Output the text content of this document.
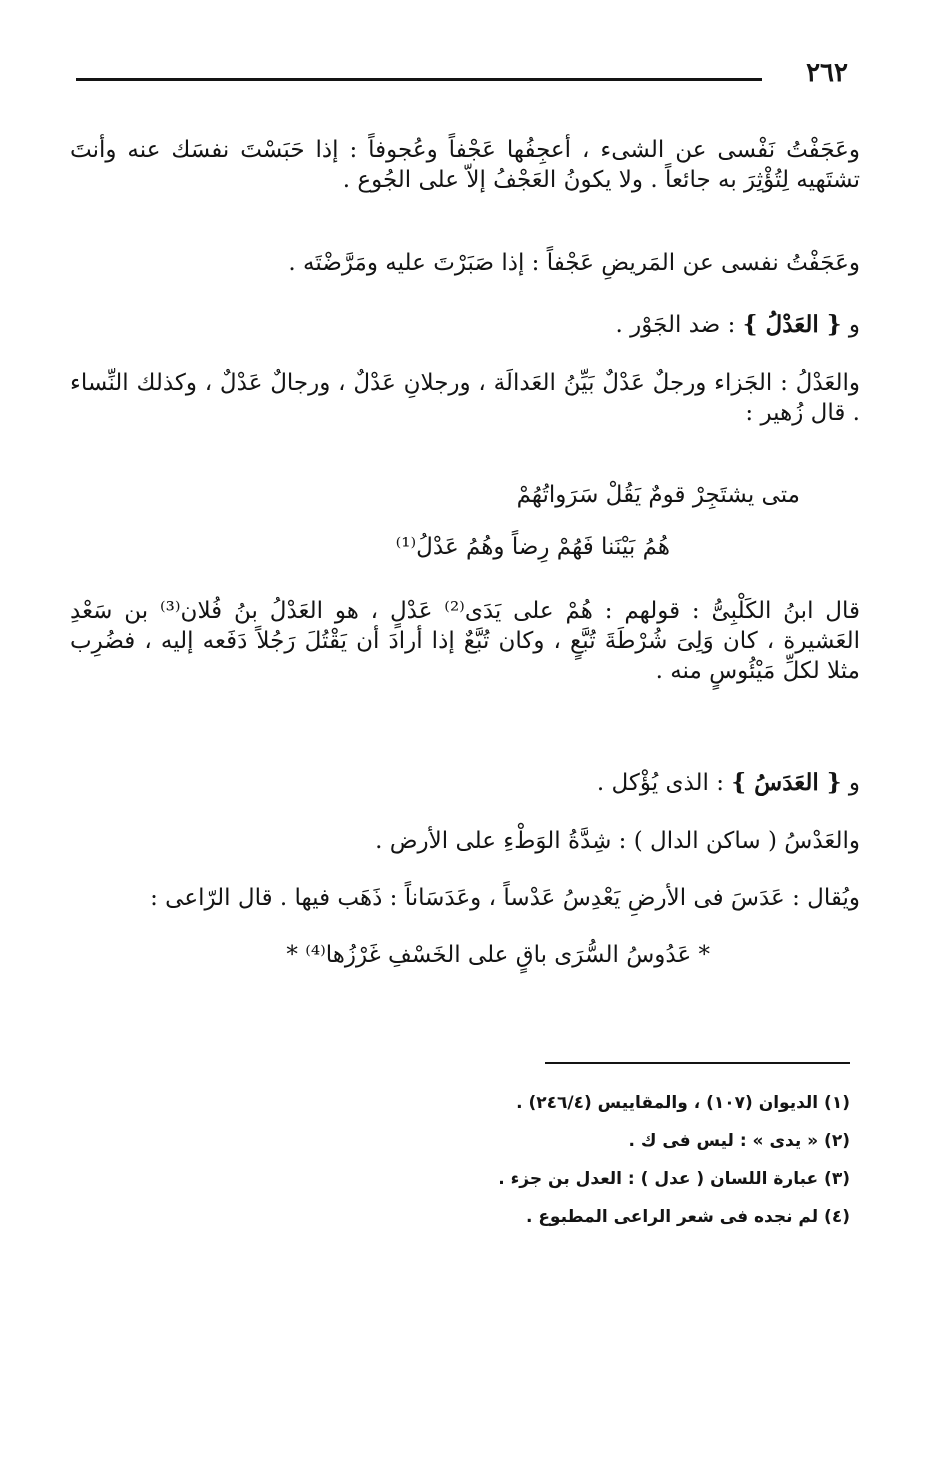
٢٦٢
وعَجَفْتُ نَفْسى عن الشىء ، أعجِفُها عَجْفاً وعُجوفاً : إذا حَبَسْتَ نفسَك عنه وأنتَ تشتَهيه لِتُؤْثِرَ به جائعاً . ولا يكونُ العَجْفُ إلاّ على الجُوع .
وعَجَفْتُ نفسى عن المَريضِ عَجْفاً : إذا صَبَرْتَ عليه ومَرَّضْتَه .
و { العَدْلُ } : ضد الجَوْر .
والعَدْلُ : الجَزاء ورجلٌ عَدْلٌ بَيِّنُ العَدالَة ، ورجلانِ عَدْلٌ ، ورجالٌ عَدْلٌ ، وكذلك النِّساء . قال زُهير :
متى يشتَجِرْ قومٌ يَقُلْ سَرَواتُهُمْ
هُمُ بَيْنَنا فَهُمْ رِضاً وهُمُ عَدْلُ⁽¹⁾
قال ابنُ الكَلْبِىُّ : قولهم : هُمْ على يَدَى⁽²⁾ عَدْلٍ ، هو العَدْلُ بنُ فُلان⁽³⁾ بن سَعْدِ العَشيرة ، كان وَلِىَ شُرْطَةَ تُبَّعٍ ، وكان تُبَّعٌ إذا أرادَ أن يَقْتُلَ رَجُلاً دَفَعه إليه ، فضُرِب مثلا لكلِّ مَيْئُوسٍ منه .
و { العَدَسُ } : الذى يُؤْكل .
والعَدْسُ ( ساكن الدال ) : شِدَّةُ الوَطْءِ على الأرض .
ويُقال : عَدَسَ فى الأرضِ يَعْدِسُ عَدْساً ، وعَدَسَاناً : ذَهَب فيها . قال الرّاعى :
* عَدُوسُ السُّرَى باقٍ على الخَسْفِ غَرْزُها⁽⁴⁾ *

(١) الديوان (١٠٧) ، والمقاييس (٢٤٦/٤) .

(٢) « يدى » : ليس فى ك .

(٣) عبارة اللسان ( عدل ) : العدل بن جزء .

(٤) لم نجده فى شعر الراعى المطبوع .
